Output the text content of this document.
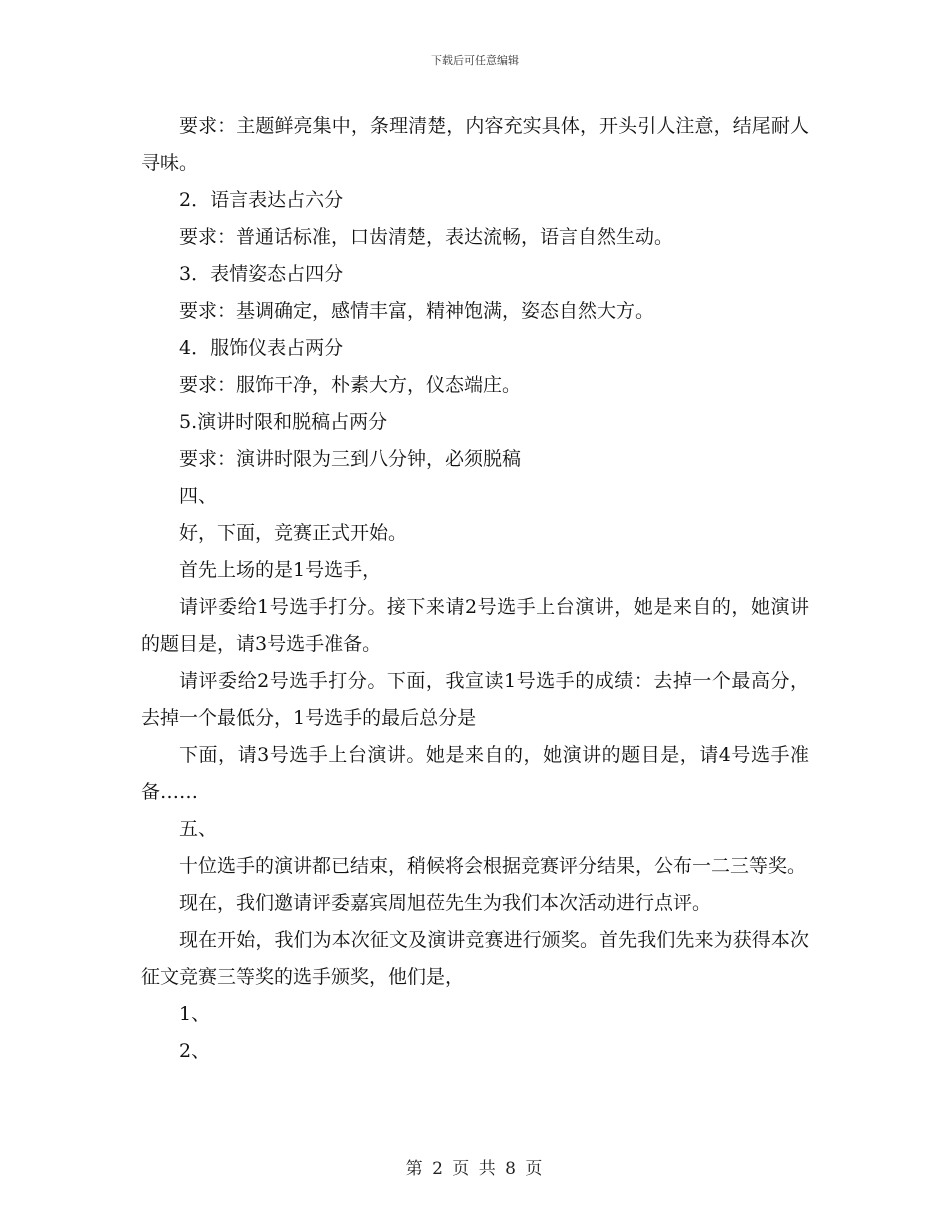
下载后可任意编辑

要求：主题鲜亮集中，条理清楚，内容充实具体，开头引人注意，结尾耐人寻味。

2．语言表达占六分

要求：普通话标准，口齿清楚，表达流畅，语言自然生动。

3．表情姿态占四分

要求：基调确定，感情丰富，精神饱满，姿态自然大方。

4．服饰仪表占两分

要求：服饰干净，朴素大方，仪态端庄。

5.演讲时限和脱稿占两分

要求：演讲时限为三到八分钟，必须脱稿

四、

好，下面，竞赛正式开始。

首先上场的是1号选手，

请评委给1号选手打分。接下来请2号选手上台演讲，她是来自的，她演讲的题目是，请3号选手准备。

请评委给2号选手打分。下面，我宣读1号选手的成绩：去掉一个最高分，去掉一个最低分，1号选手的最后总分是

下面，请3号选手上台演讲。她是来自的，她演讲的题目是，请4号选手准备……

五、

十位选手的演讲都已结束，稍候将会根据竞赛评分结果，公布一二三等奖。

现在，我们邀请评委嘉宾周旭莅先生为我们本次活动进行点评。

现在开始，我们为本次征文及演讲竞赛进行颁奖。首先我们先来为获得本次征文竞赛三等奖的选手颁奖，他们是，

1、

2、

第 2 页 共 8 页
